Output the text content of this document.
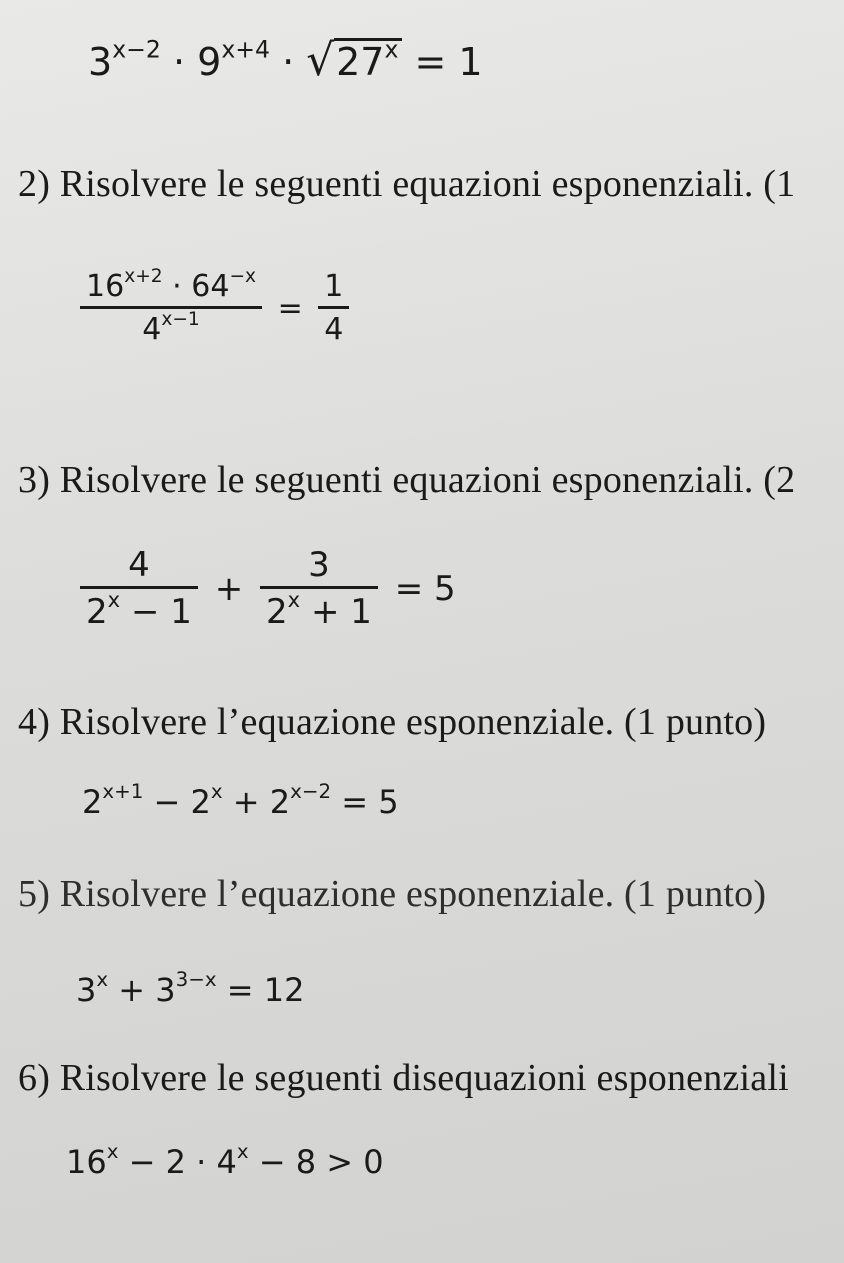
$3^{x-2} \cdot 9^{x+4} \cdot √27^x = 1$
2) Risolvere le seguenti equazioni esponenziali. (1
$\frac{16^{x+2} \cdot 64^{-x}}{4^{x-1}} = \frac{1}{4}$
3) Risolvere le seguenti equazioni esponenziali. (2
$\frac{4}{2^x - 1} + \frac{3}{2^x + 1} = 5$
4) Risolvere l’equazione esponenziale. (1 punto)
$2^{x+1} - 2^x + 2^{x-2} = 5$
5) Risolvere l’equazione esponenziale. (1 punto)
$3^x + 3^{3-x} = 12$
6) Risolvere le seguenti disequazioni esponenziali
$16^x - 2 \cdot 4^x - 8 > 0$
